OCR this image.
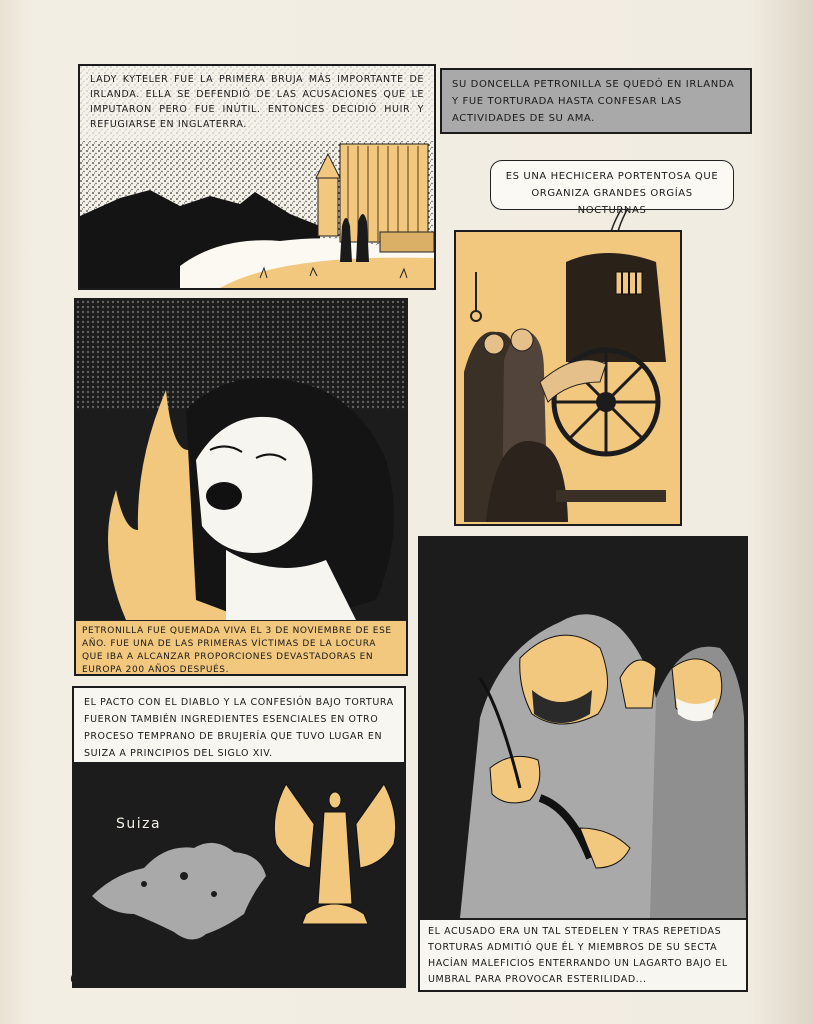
LADY KYTELER FUE LA PRIMERA BRUJA MÁS IMPORTANTE DE IRLANDA. ELLA SE DEFENDIÓ DE LAS ACUSACIONES QUE LE IMPUTARON PERO FUE INÚTIL. ENTONCES DECIDIÓ HUIR Y REFUGIARSE EN INGLATERRA.
SU DONCELLA PETRONILLA SE QUEDÓ EN IRLANDA Y FUE TORTURADA HASTA CONFESAR LAS ACTIVIDADES DE SU AMA.
ES UNA HECHICERA PORTENTOSA QUE ORGANIZA GRANDES ORGÍAS NOCTURNAS
PETRONILLA FUE QUEMADA VIVA EL 3 DE NOVIEMBRE DE ESE AÑO. FUE UNA DE LAS PRIMERAS VÍCTIMAS DE LA LOCURA QUE IBA A ALCANZAR PROPORCIONES DEVASTADORAS EN EUROPA 200 AÑOS DESPUÉS.
EL PACTO CON EL DIABLO Y LA CONFESIÓN BAJO TORTURA FUERON TAMBIÉN INGREDIENTES ESENCIALES EN OTRO PROCESO TEMPRANO DE BRUJERÍA QUE TUVO LUGAR EN SUIZA A PRINCIPIOS DEL SIGLO XIV.
Suiza
EL ACUSADO ERA UN TAL STEDELEN Y TRAS REPETIDAS TORTURAS ADMITIÓ QUE ÉL Y MIEMBROS DE SU SECTA HACÍAN MALEFICIOS ENTERRANDO UN LAGARTO BAJO EL UMBRAL PARA PROVOCAR ESTERILIDAD...
6
